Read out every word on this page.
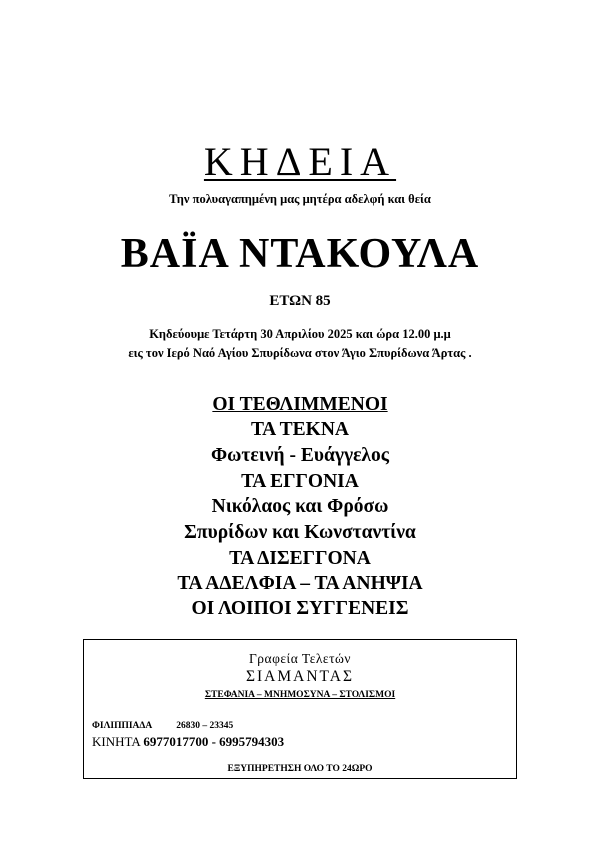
ΚΗΔΕΙΑ
Την πολυαγαπημένη μας μητέρα αδελφή και θεία
ΒΑΪΑ ΝΤΑΚΟΥΛΑ
ΕΤΩΝ 85
Κηδεύουμε Τετάρτη 30 Απριλίου 2025 και ώρα 12.00 μ.μ
εις τον Ιερό Ναό Αγίου Σπυρίδωνα στον Άγιο Σπυρίδωνα Άρτας .
ΟΙ ΤΕΘΛΙΜΜΕΝΟΙ
ΤΑ ΤΕΚΝΑ
Φωτεινή - Ευάγγελος
ΤΑ ΕΓΓΟΝΙΑ
Νικόλαος και Φρόσω
Σπυρίδων και Κωνσταντίνα
ΤΑ ΔΙΣΕΓΓΟΝΑ
ΤΑ ΑΔΕΛΦΙΑ – ΤΑ ΑΝΗΨΙΑ
ΟΙ ΛΟΙΠΟΙ ΣΥΓΓΕΝΕΙΣ
Γραφεία Τελετών
ΣΙΑΜΑΝΤΑΣ
ΣΤΕΦΑΝΙΑ – ΜΝΗΜΟΣΥΝΑ – ΣΤΟΛΙΣΜΟΙ
ΦΙΛΙΠΠΙΑΔΑ	26830 – 23345
ΚΙΝΗΤΑ 6977017700 - 6995794303
ΕΞΥΠΗΡΕΤΗΣΗ ΟΛΟ ΤΟ 24ΩΡΟ
